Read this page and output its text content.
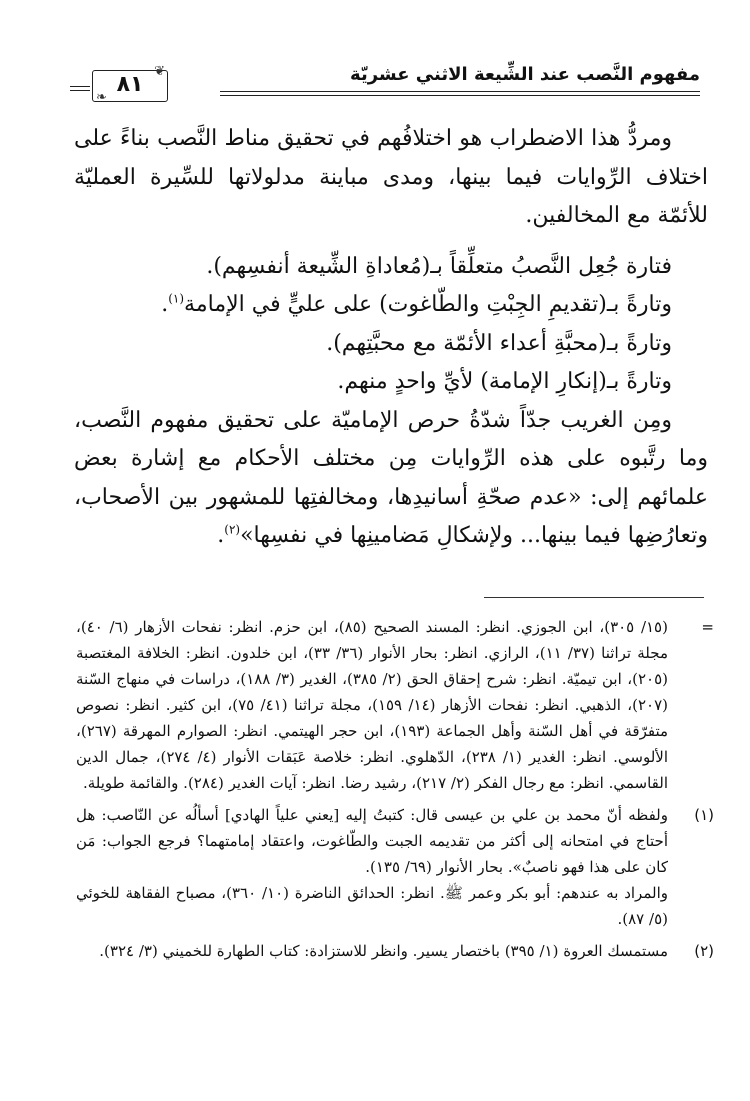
مفهوم النَّصب عند الشِّيعة الاثني عشريّة
❦
٨١
❧

ومردُّ هذا الاضطراب هو اختلافُهم في تحقيق مناط النَّصب بناءً على اختلاف الرِّوايات فيما بينها، ومدى مباينة مدلولاتها للسِّيرة العمليّة للأئمّة مع المخالفين.

فتارة جُعِل النَّصبُ متعلِّقاً بـ(مُعاداةِ الشِّيعة أنفسِهم).

وتارةً بـ(تقديمِ الجِبْتِ والطّاغوت) على عليٍّ في الإمامة$^{(١)}$.

وتارةً بـ(محبَّةِ أعداء الأئمّة مع محبَّتِهم).

وتارةً بـ(إنكارِ الإمامة) لأيِّ واحدٍ منهم.

ومِن الغريب جدّاً شدّةُ حرص الإماميّة على تحقيق مفهوم النَّصب، وما رتَّبوه على هذه الرِّوايات مِن مختلف الأحكام مع إشارة بعض علمائهم إلى: «عدم صحّةِ أسانيدِها، ومخالفتِها للمشهور بين الأصحاب، وتعارُضِها فيما بينها... ولإشكالِ مَضامينِها في نفسِها»$^{(٢)}$.

=

(١٥/ ٣٠٥)، ابن الجوزي. انظر: المسند الصحيح (٨٥)، ابن حزم. انظر: نفحات الأزهار (٦/ ٤٠)، مجلة تراثنا (٣٧/ ١١)، الرازي. انظر: بحار الأنوار (٣٦/ ٣٣)، ابن خلدون. انظر: الخلافة المغتصبة (٢٠٥)، ابن تيميّة. انظر: شرح إحقاق الحق (٢/ ٣٨٥)، الغدير (٣/ ١٨٨)، دراسات في منهاج السّنة (٢٠٧)، الذهبي. انظر: نفحات الأزهار (١٤/ ١٥٩)، مجلة تراثنا (٤١/ ٧٥)، ابن كثير. انظر: نصوص متفرّقة في أهل السّنة وأهل الجماعة (١٩٣)، ابن حجر الهيتمي. انظر: الصوارم المهرقة (٢٦٧)، الألوسي. انظر: الغدير (١/ ٢٣٨)، الدّهلوي. انظر: خلاصة عَبَقات الأنوار (٤/ ٢٧٤)، جمال الدين القاسمي. انظر: مع رجال الفكر (٢/ ٢١٧)، رشيد رضا. انظر: آيات الغدير (٢٨٤). والقائمة طويلة.

(١)

ولفظه أنّ محمد بن علي بن عيسى قال: كتبتُ إليه [يعني علياً الهادي] أسألُه عن النّاصب: هل أحتاج في امتحانه إلى أكثر من تقديمه الجبت والطّاغوت، واعتقاد إمامتهما؟ فرجع الجواب: مَن كان على هذا فهو ناصبٌ». بحار الأنوار (٦٩/ ١٣٥).

والمراد به عندهم: أبو بكر وعمر ﷺ. انظر: الحدائق الناضرة (١٠/ ٣٦٠)، مصباح الفقاهة للخوئي (٥/ ٨٧).

(٢)

مستمسك العروة (١/ ٣٩٥) باختصار يسير. وانظر للاستزادة: كتاب الطهارة للخميني (٣/ ٣٢٤).
